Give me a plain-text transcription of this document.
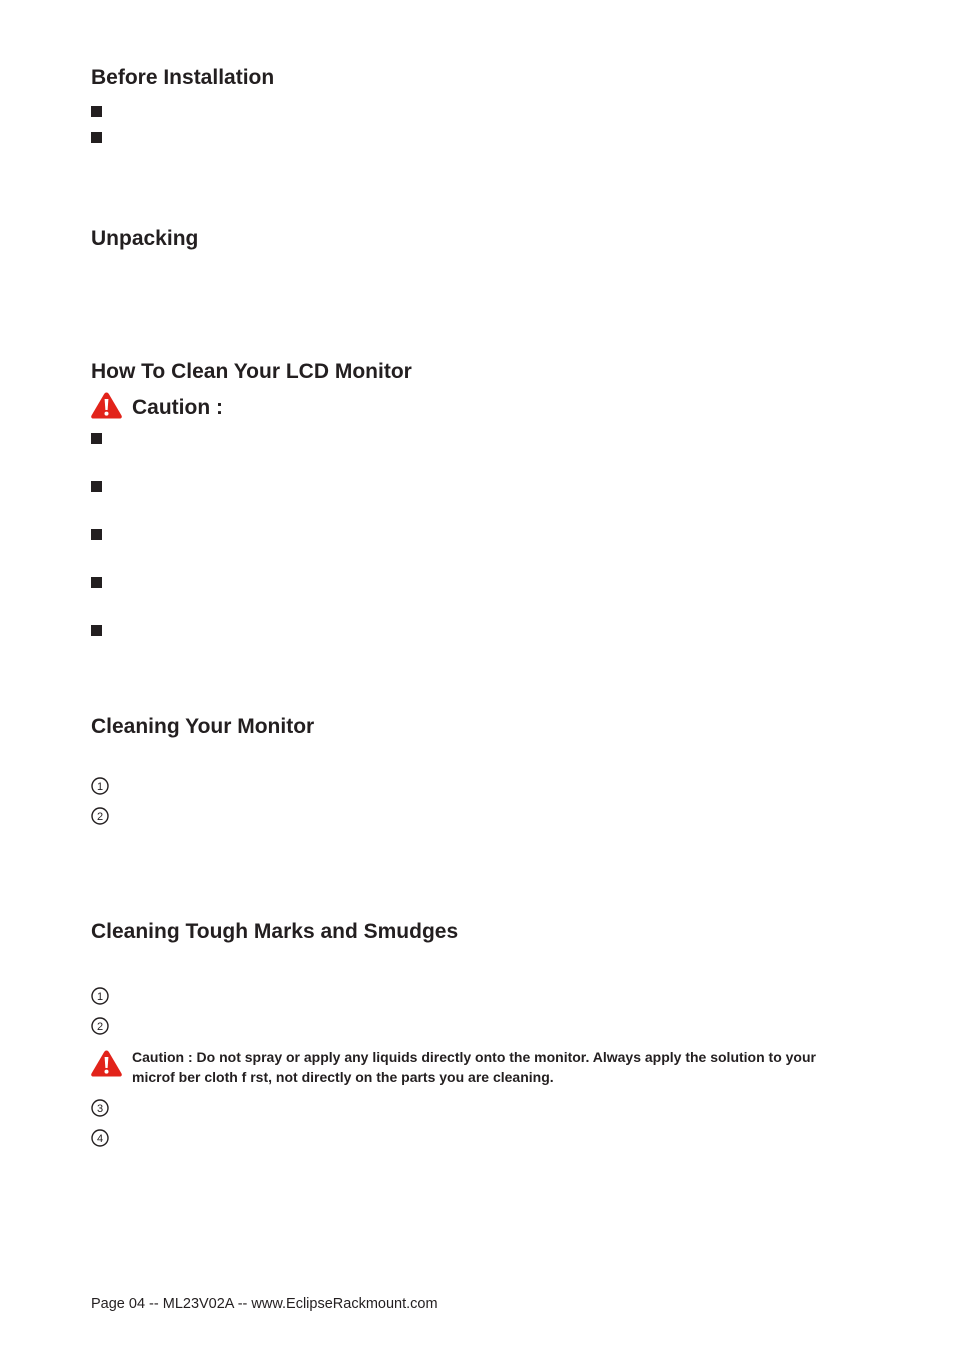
Before Installation
Unpacking
How To Clean Your LCD Monitor
Caution :
Cleaning Your Monitor
1
2
Cleaning Tough Marks and Smudges
1
2
Caution : Do not spray or apply any liquids directly onto the monitor. Always apply the solution to your microf ber cloth f rst, not directly on the parts you are cleaning.
3
4
Page 04 -- ML23V02A -- www.EclipseRackmount.com
